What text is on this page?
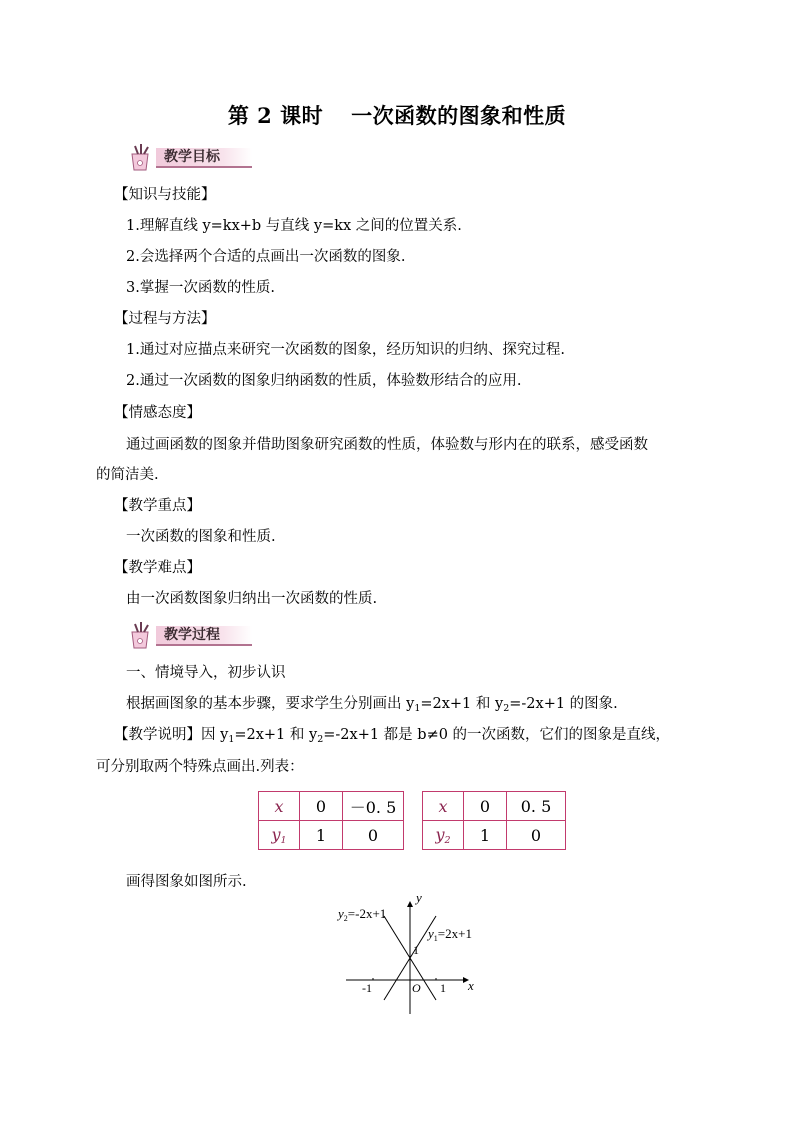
第 2 课时 一次函数的图象和性质
教学目标
【知识与技能】
1.理解直线 y=kx+b 与直线 y=kx 之间的位置关系.
2.会选择两个合适的点画出一次函数的图象.
3.掌握一次函数的性质.
【过程与方法】
1.通过对应描点来研究一次函数的图象，经历知识的归纳、探究过程.
2.通过一次函数的图象归纳函数的性质，体验数形结合的应用.
【情感态度】
通过画函数的图象并借助图象研究函数的性质，体验数与形内在的联系，感受函数
的简洁美.
【教学重点】
一次函数的图象和性质.
【教学难点】
由一次函数图象归纳出一次函数的性质.
教学过程
一、情境导入，初步认识
根据画图象的基本步骤，要求学生分别画出 $y_1=2x+1$ 和 $y_2=-2x+1$ 的图象.
【教学说明】因 $y_1=2x+1$ 和 $y_2=-2x+1$ 都是 b≠0 的一次函数，它们的图象是直线，
可分别取两个特殊点画出.列表：
x	0	－0. 5
$y_1$	1	0
x	0	0. 5
$y_2$	1	0
画得图象如图所示.
y
x
O
-1	1
1
$y_2=-2x+1$
$y_1=2x+1$
